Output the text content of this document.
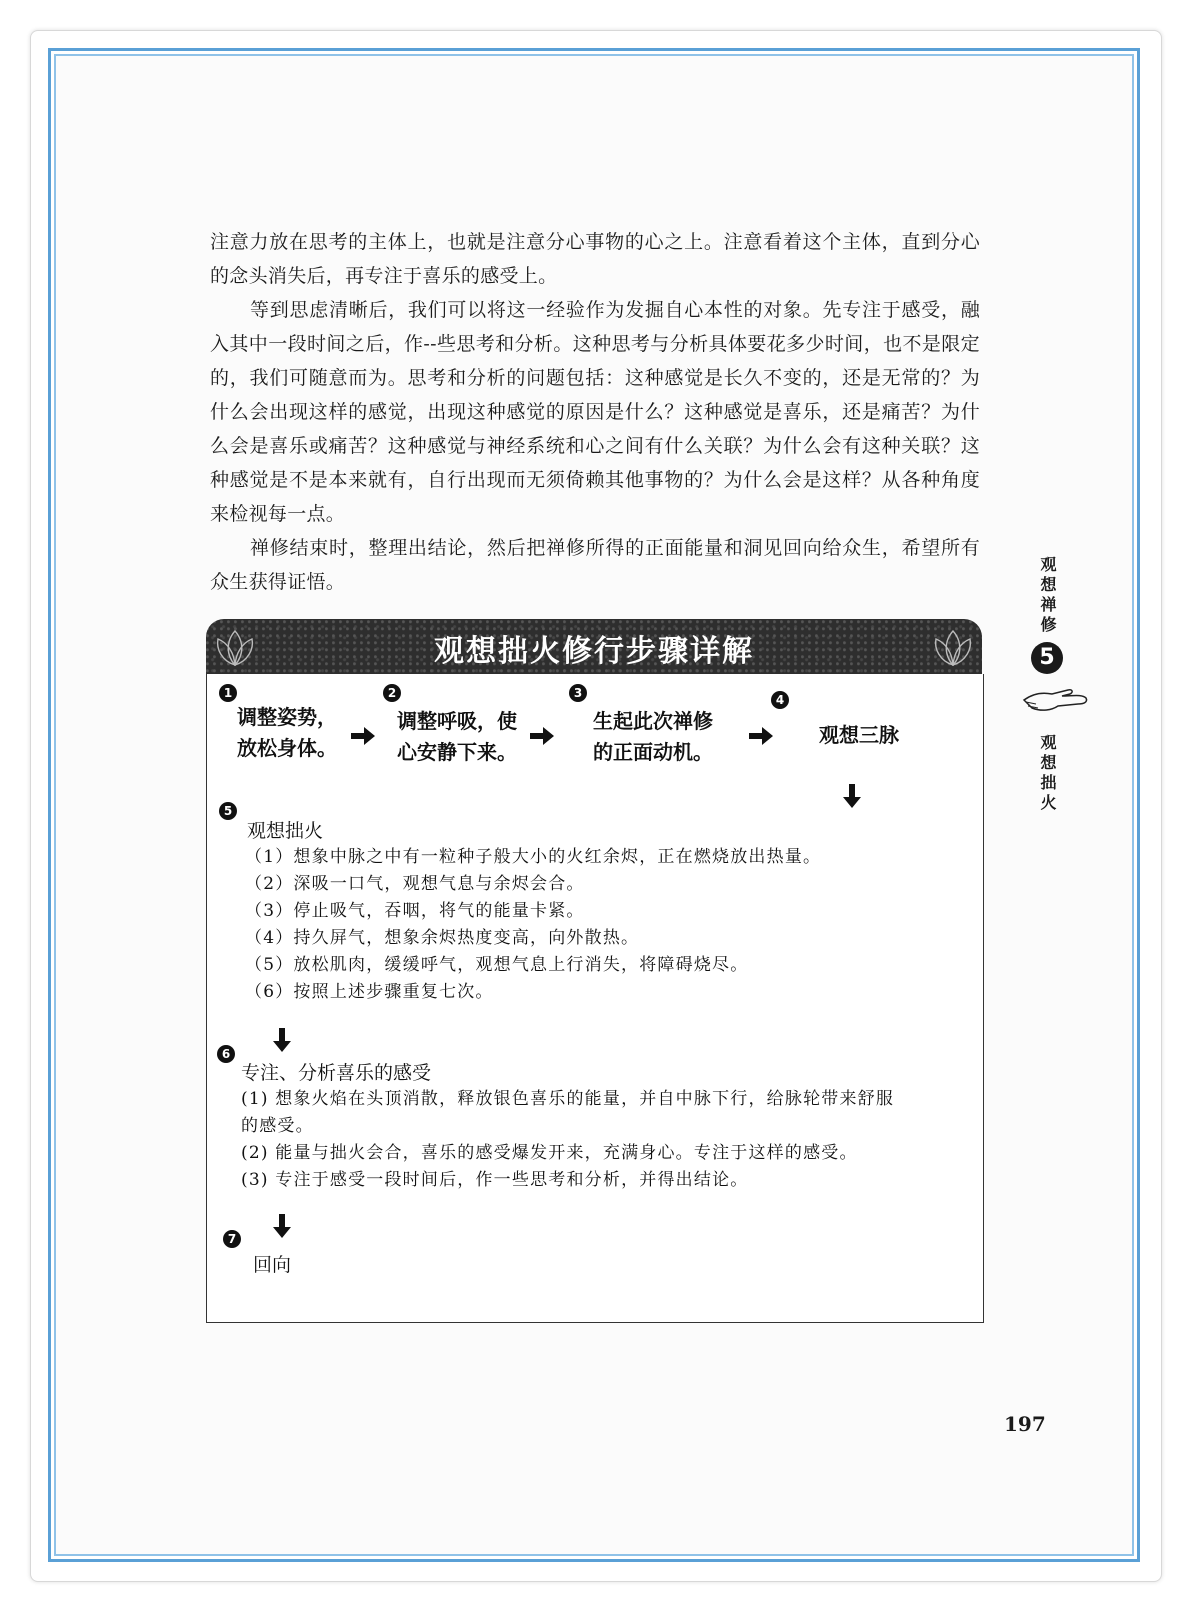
注意力放在思考的主体上，也就是注意分心事物的心之上。注意看着这个主体，直到分心的念头消失后，再专注于喜乐的感受上。

等到思虑清晰后，我们可以将这一经验作为发掘自心本性的对象。先专注于感受，融入其中一段时间之后，作--些思考和分析。这种思考与分析具体要花多少时间，也不是限定的，我们可随意而为。思考和分析的问题包括：这种感觉是长久不变的，还是无常的？为什么会出现这样的感觉，出现这种感觉的原因是什么？这种感觉是喜乐，还是痛苦？为什么会是喜乐或痛苦？这种感觉与神经系统和心之间有什么关联？为什么会有这种关联？这种感觉是不是本来就有，自行出现而无须倚赖其他事物的？为什么会是这样？从各种角度来检视每一点。

禅修结束时，整理出结论，然后把禅修所得的正面能量和洞见回向给众生，希望所有众生获得证悟。	观想禅修
5
观想拙火
观想拙火修行步骤详解
1
调整姿势，放松身体。
2
调整呼吸，使心安静下来。
3
生起此次禅修的正面动机。
4
观想三脉
5
观想拙火
（1）想象中脉之中有一粒种子般大小的火红余烬，正在燃烧放出热量。
（2）深吸一口气，观想气息与余烬会合。
（3）停止吸气，吞咽，将气的能量卡紧。
（4）持久屏气，想象余烬热度变高，向外散热。
（5）放松肌肉，缓缓呼气，观想气息上行消失，将障碍烧尽。
（6）按照上述步骤重复七次。
6
专注、分析喜乐的感受
(1) 想象火焰在头顶消散，释放银色喜乐的能量，并自中脉下行，给脉轮带来舒服的感受。
(2) 能量与拙火会合，喜乐的感受爆发开来，充满身心。专注于这样的感受。
(3) 专注于感受一段时间后，作一些思考和分析，并得出结论。
7
回向
197
